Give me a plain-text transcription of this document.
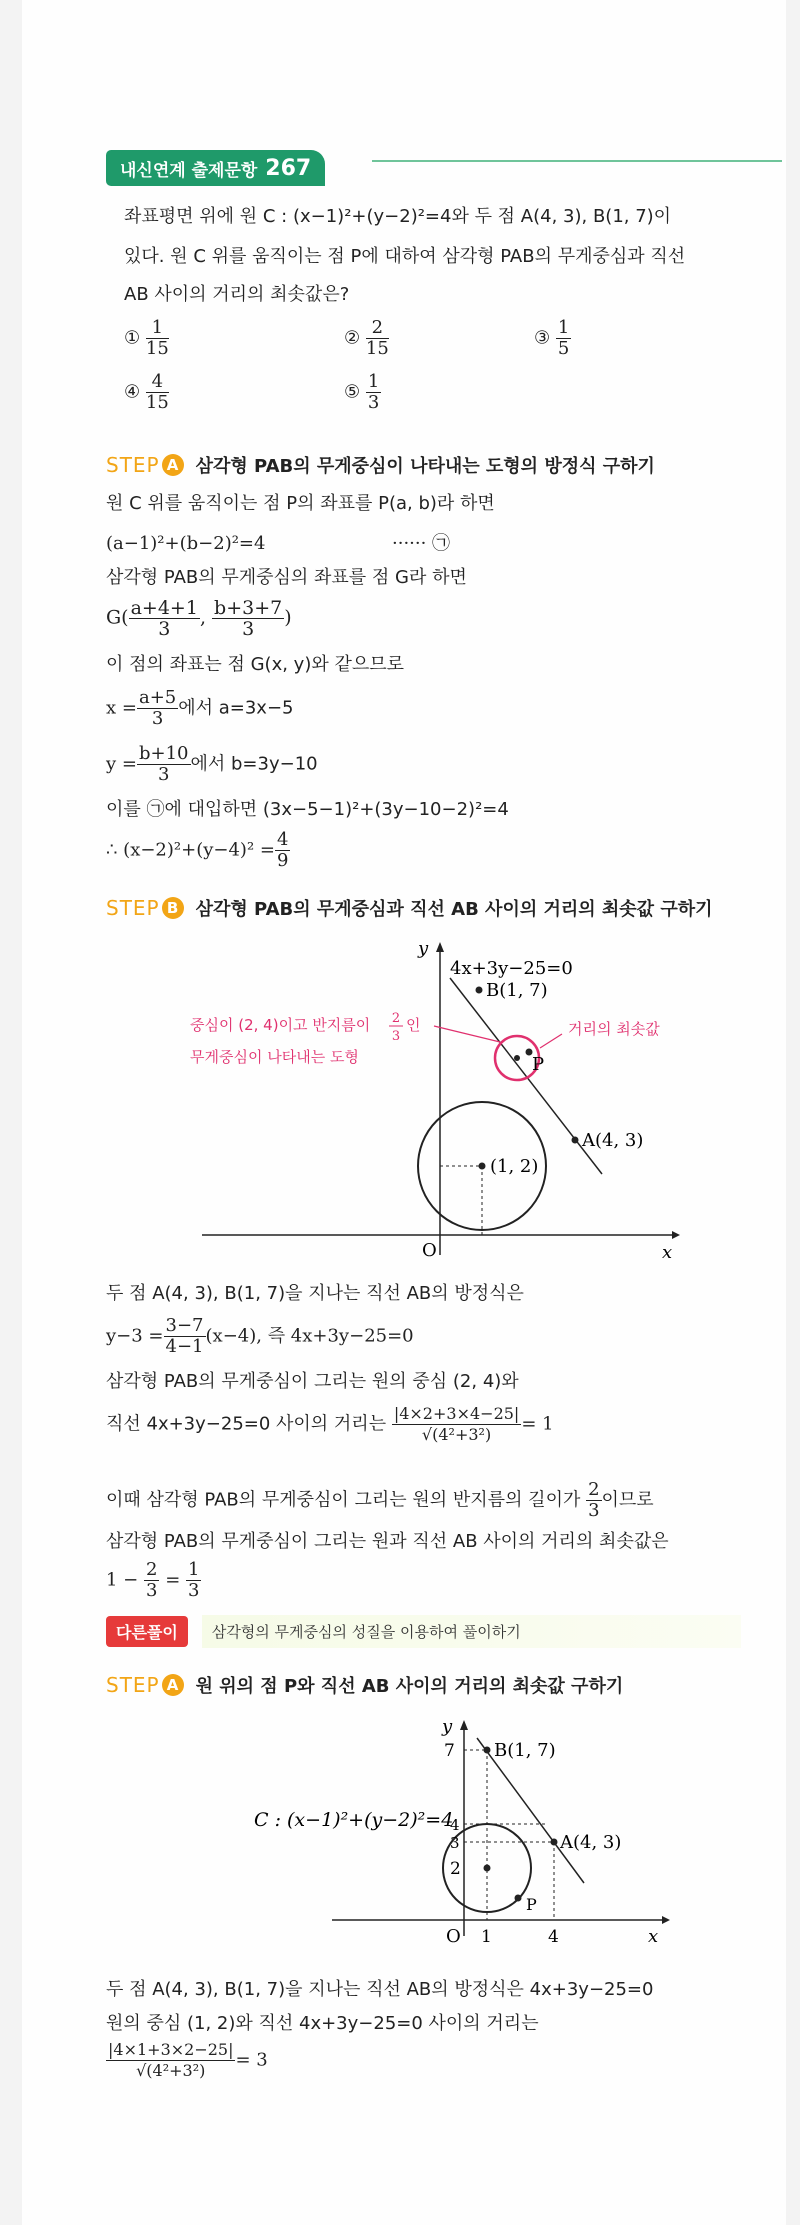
내신연계 출제문항 267
좌표평면 위에 원 C : (x−1)²+(y−2)²=4와 두 점 A(4, 3), B(1, 7)이
있다. 원 C 위를 움직이는 점 P에 대하여 삼각형 PAB의 무게중심과 직선
AB 사이의 거리의 최솟값은?
① $\frac{1}{15}$	② $\frac{2}{15}$	③ $\frac{1}{5}$
④ $\frac{4}{15}$	⑤ $\frac{1}{3}$
STEP A 삼각형 PAB의 무게중심이 나타내는 도형의 방정식 구하기
원 C 위를 움직이는 점 P의 좌표를 P(a, b)라 하면
(a−1)²+(b−2)²=4	······ ㉠
삼각형 PAB의 무게중심의 좌표를 점 G라 하면
$G( \frac{a+4+1}{3}$ , $\frac{b+3+7}{3}$ )
이 점의 좌표는 점 G(x, y)와 같으므로
$x = \frac{a+5}{3}$ 에서 a=3x−5
$y = \frac{b+10}{3}$ 에서 b=3y−10
이를 ㉠에 대입하면 (3x−5−1)²+(3y−10−2)²=4
∴ $(x-2)^2+(y-4)^2 = \frac{4}{9}$
STEP B 삼각형 PAB의 무게중심과 직선 AB 사이의 거리의 최솟값 구하기
y
x
O
4x+3y−25=0
(1, 2)
P
B(1, 7)
A(4, 3)
중심이 (2, 4)이고 반지름이 2
3
인
무게중심이 나타내는 도형
거리의 최솟값
두 점 A(4, 3), B(1, 7)을 지나는 직선 AB의 방정식은
$y-3 = \frac{3-7}{4-1} (x-4)$, 즉 4x+3y−25=0
삼각형 PAB의 무게중심이 그리는 원의 중심 (2, 4)와
직선 4x+3y−25=0 사이의 거리는 $\frac{|4\times 2+3\times 4-25|}{\text{√(4²+3²)}} = 1$
이때 삼각형 PAB의 무게중심이 그리는 원의 반지름의 길이가 $\frac{2}{3}$ 이므로
삼각형 PAB의 무게중심이 그리는 원과 직선 AB 사이의 거리의 최솟값은
$1 - \frac{2}{3} = \frac{1}{3}$
다른풀이	삼각형의 무게중심의 성질을 이용하여 풀이하기
STEP A 원 위의 점 P와 직선 AB 사이의 거리의 최솟값 구하기
y
x
O
7
4
3
2
1	4
B(1, 7)
A(4, 3)
P
C : (x−1)²+(y−2)²=4
두 점 A(4, 3), B(1, 7)을 지나는 직선 AB의 방정식은 4x+3y−25=0
원의 중심 (1, 2)와 직선 4x+3y−25=0 사이의 거리는
$\frac{|4\times 1+3\times 2-25|}{\text{√(4²+3²)}} = 3$
